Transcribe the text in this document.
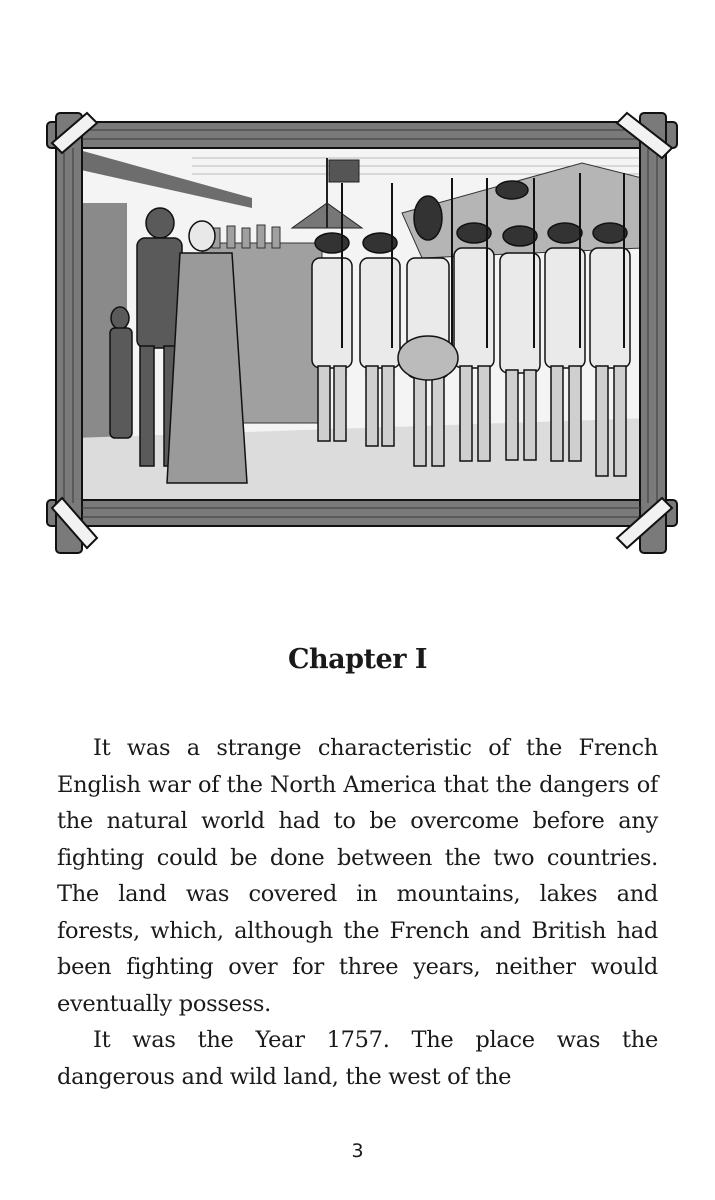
Chapter I

It was a strange characteristic of the French English war of the North America that the dangers of the natural world had to be overcome before any fighting could be done between the two countries. The land was covered in mountains, lakes and forests, which, although the French and British had been fighting over for three years, neither would eventually possess.

It was the Year 1757. The place was the dangerous and wild land, the west of the

3
